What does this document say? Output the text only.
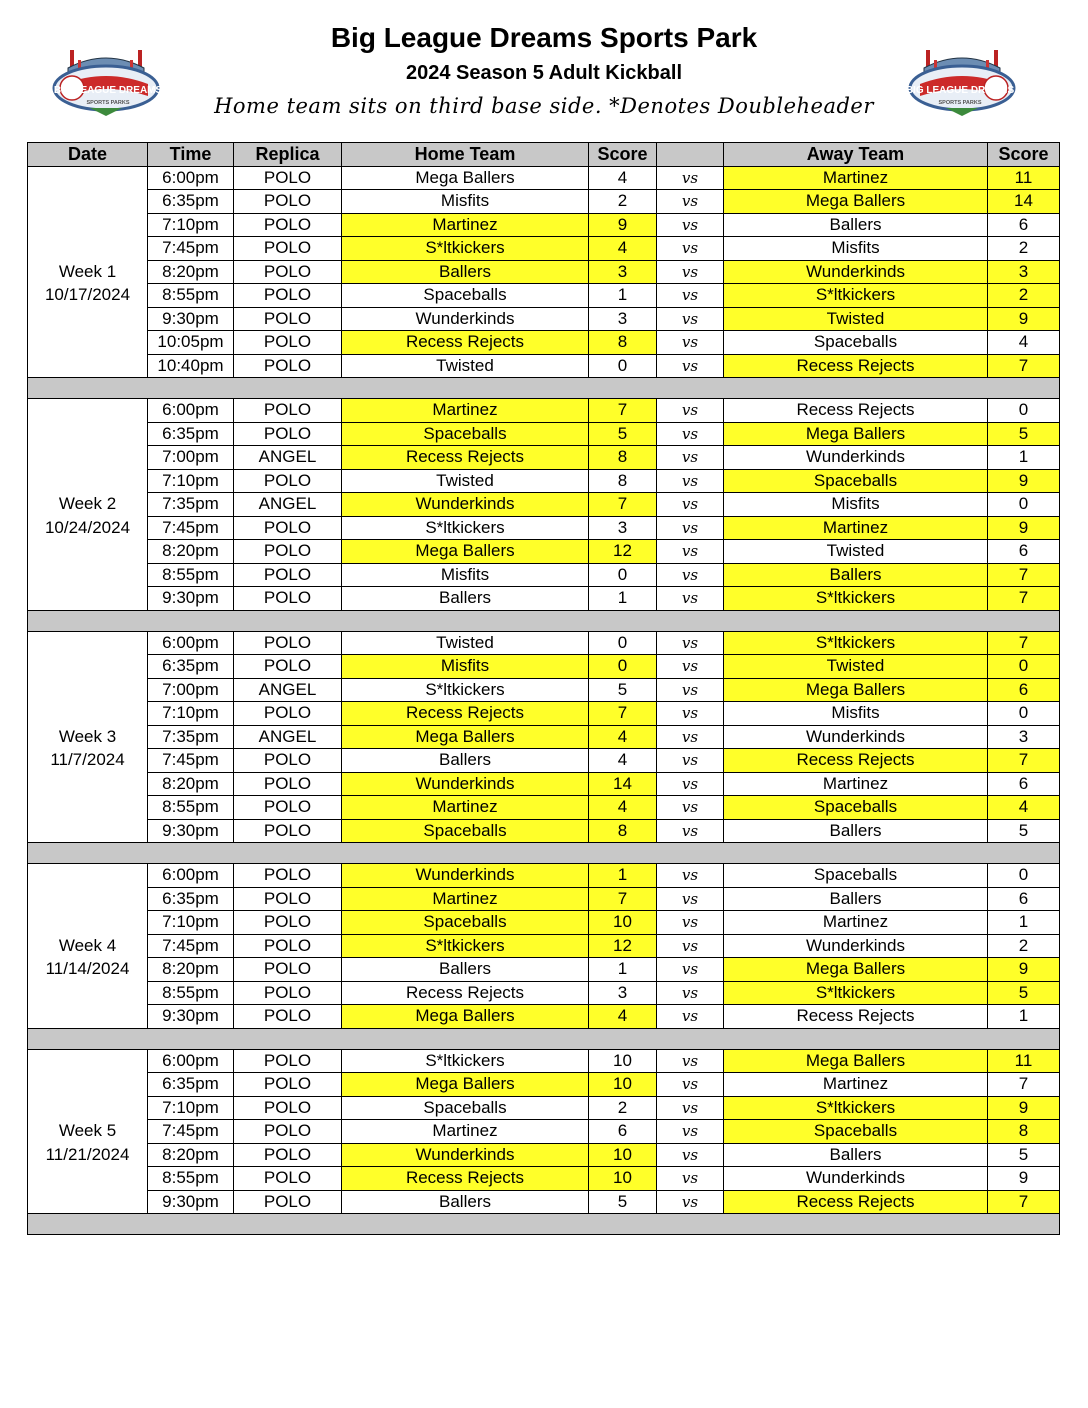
BIG LEAGUE DREAMS
SPORTS PARKS
Big League Dreams Sports Park
2024 Season 5 Adult Kickball
Home team sits on third base side. *Denotes Doubleheader
BIG LEAGUE DREAMS
SPORTS PARKS
Date	Time	Replica	Home Team	Score		Away Team	Score
	6:00pm	POLO	Mega Ballers	4	vs	Martinez	11
	6:35pm	POLO	Misfits	2	vs	Mega Ballers	14
	7:10pm	POLO	Martinez	9	vs	Ballers	6
	7:45pm	POLO	S*ltkickers	4	vs	Misfits	2
Week 1	8:20pm	POLO	Ballers	3	vs	Wunderkinds	3
10/17/2024	8:55pm	POLO	Spaceballs	1	vs	S*ltkickers	2
	9:30pm	POLO	Wunderkinds	3	vs	Twisted	9
	10:05pm	POLO	Recess Rejects	8	vs	Spaceballs	4
	10:40pm	POLO	Twisted	0	vs	Recess Rejects	7

	6:00pm	POLO	Martinez	7	vs	Recess Rejects	0
	6:35pm	POLO	Spaceballs	5	vs	Mega Ballers	5
	7:00pm	ANGEL	Recess Rejects	8	vs	Wunderkinds	1
	7:10pm	POLO	Twisted	8	vs	Spaceballs	9
Week 2	7:35pm	ANGEL	Wunderkinds	7	vs	Misfits	0
10/24/2024	7:45pm	POLO	S*ltkickers	3	vs	Martinez	9
	8:20pm	POLO	Mega Ballers	12	vs	Twisted	6
	8:55pm	POLO	Misfits	0	vs	Ballers	7
	9:30pm	POLO	Ballers	1	vs	S*ltkickers	7

	6:00pm	POLO	Twisted	0	vs	S*ltkickers	7
	6:35pm	POLO	Misfits	0	vs	Twisted	0
	7:00pm	ANGEL	S*ltkickers	5	vs	Mega Ballers	6
	7:10pm	POLO	Recess Rejects	7	vs	Misfits	0
Week 3	7:35pm	ANGEL	Mega Ballers	4	vs	Wunderkinds	3
11/7/2024	7:45pm	POLO	Ballers	4	vs	Recess Rejects	7
	8:20pm	POLO	Wunderkinds	14	vs	Martinez	6
	8:55pm	POLO	Martinez	4	vs	Spaceballs	4
	9:30pm	POLO	Spaceballs	8	vs	Ballers	5

	6:00pm	POLO	Wunderkinds	1	vs	Spaceballs	0
	6:35pm	POLO	Martinez	7	vs	Ballers	6
	7:10pm	POLO	Spaceballs	10	vs	Martinez	1
Week 4	7:45pm	POLO	S*ltkickers	12	vs	Wunderkinds	2
11/14/2024	8:20pm	POLO	Ballers	1	vs	Mega Ballers	9
	8:55pm	POLO	Recess Rejects	3	vs	S*ltkickers	5
	9:30pm	POLO	Mega Ballers	4	vs	Recess Rejects	1

	6:00pm	POLO	S*ltkickers	10	vs	Mega Ballers	11
	6:35pm	POLO	Mega Ballers	10	vs	Martinez	7
	7:10pm	POLO	Spaceballs	2	vs	S*ltkickers	9
Week 5	7:45pm	POLO	Martinez	6	vs	Spaceballs	8
11/21/2024	8:20pm	POLO	Wunderkinds	10	vs	Ballers	5
	8:55pm	POLO	Recess Rejects	10	vs	Wunderkinds	9
	9:30pm	POLO	Ballers	5	vs	Recess Rejects	7
